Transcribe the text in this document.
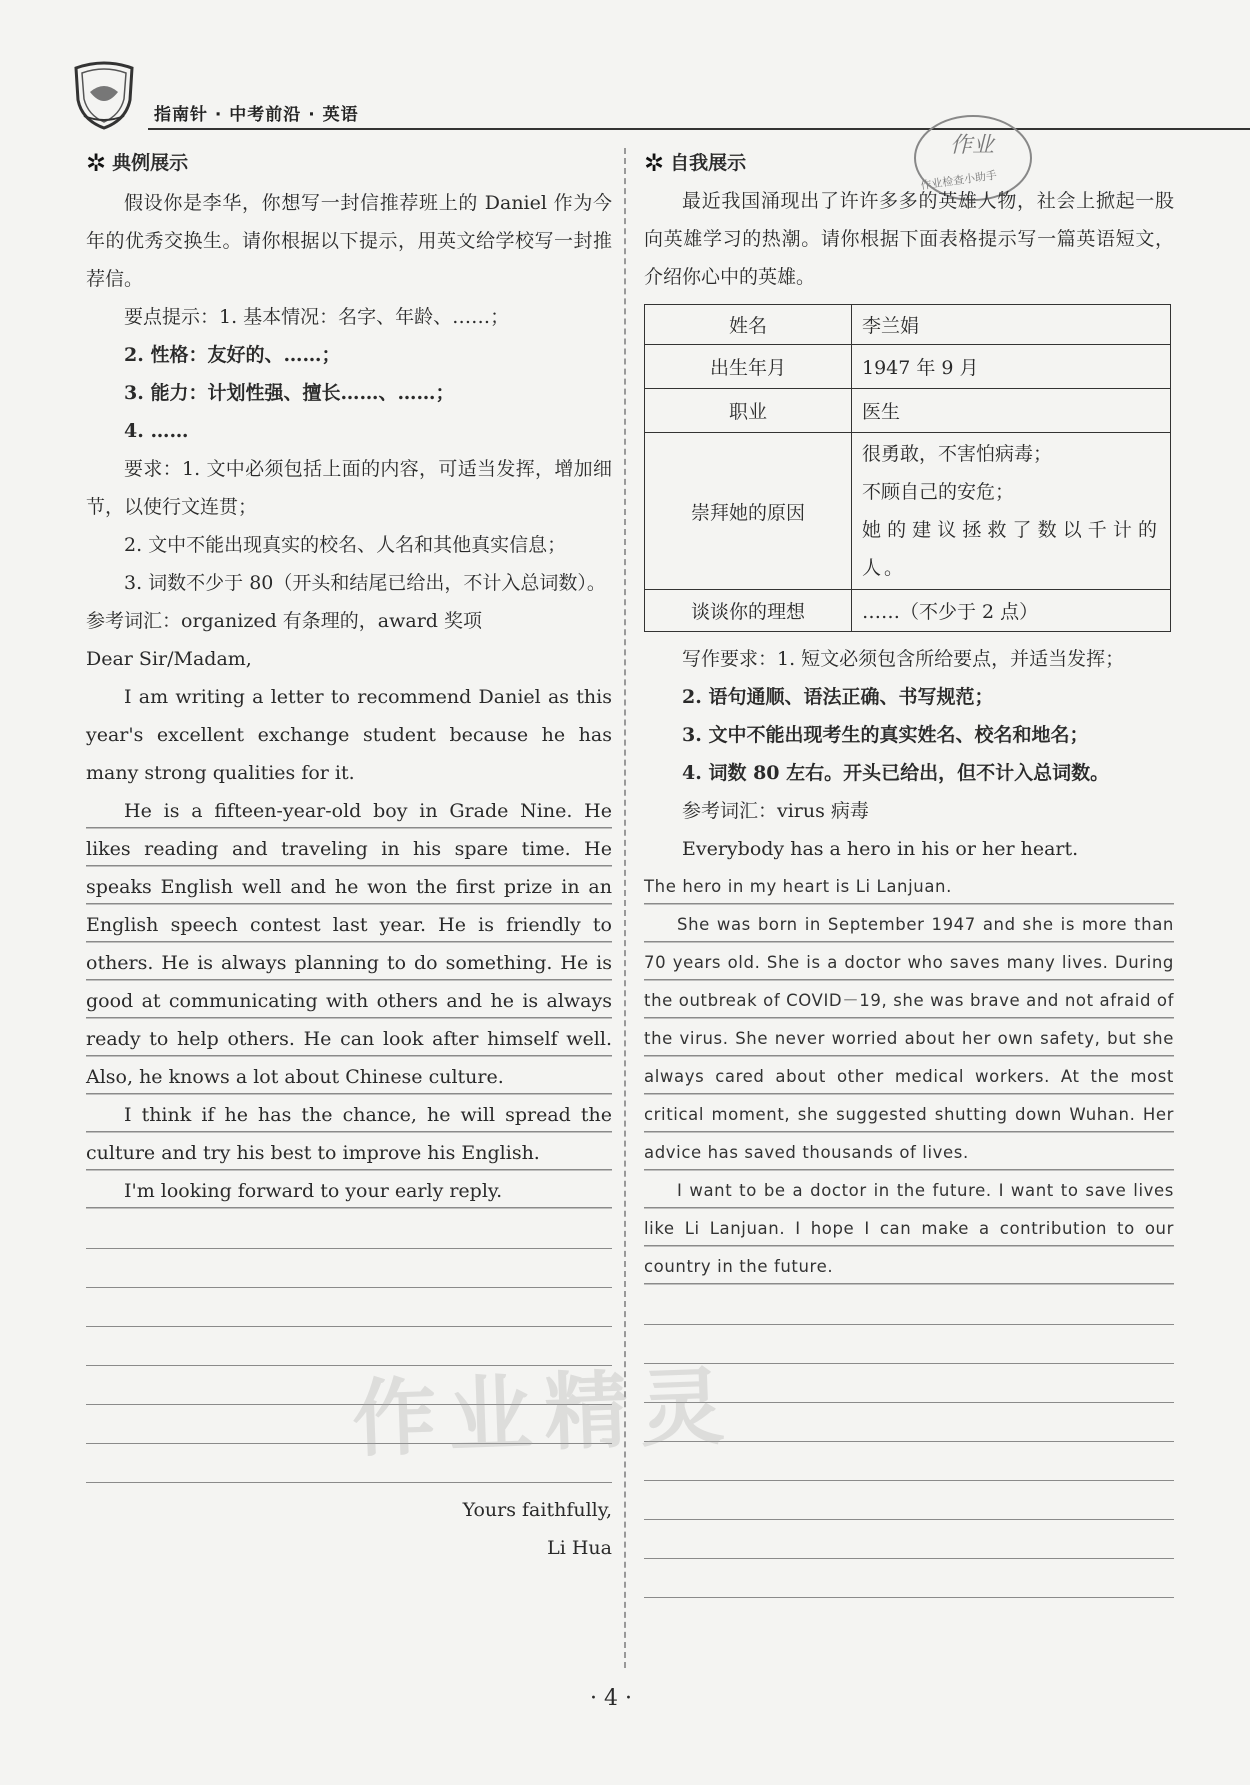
指南针 · 中考前沿 · 英语
作业
作业检查小助手
✲ 典例展示
假设你是李华，你想写一封信推荐班上的 Daniel 作为今年的优秀交换生。请你根据以下提示，用英文给学校写一封推荐信。
要点提示：1. 基本情况：名字、年龄、……；
2. 性格：友好的、……；
3. 能力：计划性强、擅长……、……；
4. ……
要求：1. 文中必须包括上面的内容，可适当发挥，增加细节，以使行文连贯；
2. 文中不能出现真实的校名、人名和其他真实信息；
3. 词数不少于 80（开头和结尾已给出，不计入总词数）。
参考词汇：organized 有条理的，award 奖项
Dear Sir/Madam,
I am writing a letter to recommend Daniel as this year's excellent exchange student because he has many strong qualities for it.
He is a fifteen-year-old boy in Grade Nine. He likes reading and traveling in his spare time. He speaks English well and he won the first prize in an English speech contest last year. He is friendly to others. He is always planning to do something. He is good at communicating with others and he is always ready to help others. He can look after himself well. Also, he knows a lot about Chinese culture.
I think if he has the chance, he will spread the culture and try his best to improve his English.
I'm looking forward to your early reply.
Yours faithfully,
Li Hua
✲ 自我展示
最近我国涌现出了许许多多的英雄人物，社会上掀起一股向英雄学习的热潮。请你根据下面表格提示写一篇英语短文，介绍你心中的英雄。
姓名	李兰娟
出生年月	1947 年 9 月
职业	医生
崇拜她的原因	很勇敢，不害怕病毒；
不顾自己的安危；
她的建议拯救了数以千计的人。

谈谈你的理想	……（不少于 2 点）
写作要求：1. 短文必须包含所给要点，并适当发挥；
2. 语句通顺、语法正确、书写规范；
3. 文中不能出现考生的真实姓名、校名和地名；
4. 词数 80 左右。开头已给出，但不计入总词数。
参考词汇：virus 病毒
Everybody has a hero in his or her heart.
The hero in my heart is Li Lanjuan.
She was born in September 1947 and she is more than 70 years old. She is a doctor who saves many lives. During the outbreak of COVID－19, she was brave and not afraid of the virus. She never worried about her own safety, but she always cared about other medical workers. At the most critical moment, she suggested shutting down Wuhan. Her advice has saved thousands of lives.
I want to be a doctor in the future. I want to save lives like Li Lanjuan. I hope I can make a contribution to our country in the future.
作业精灵
· 4 ·
